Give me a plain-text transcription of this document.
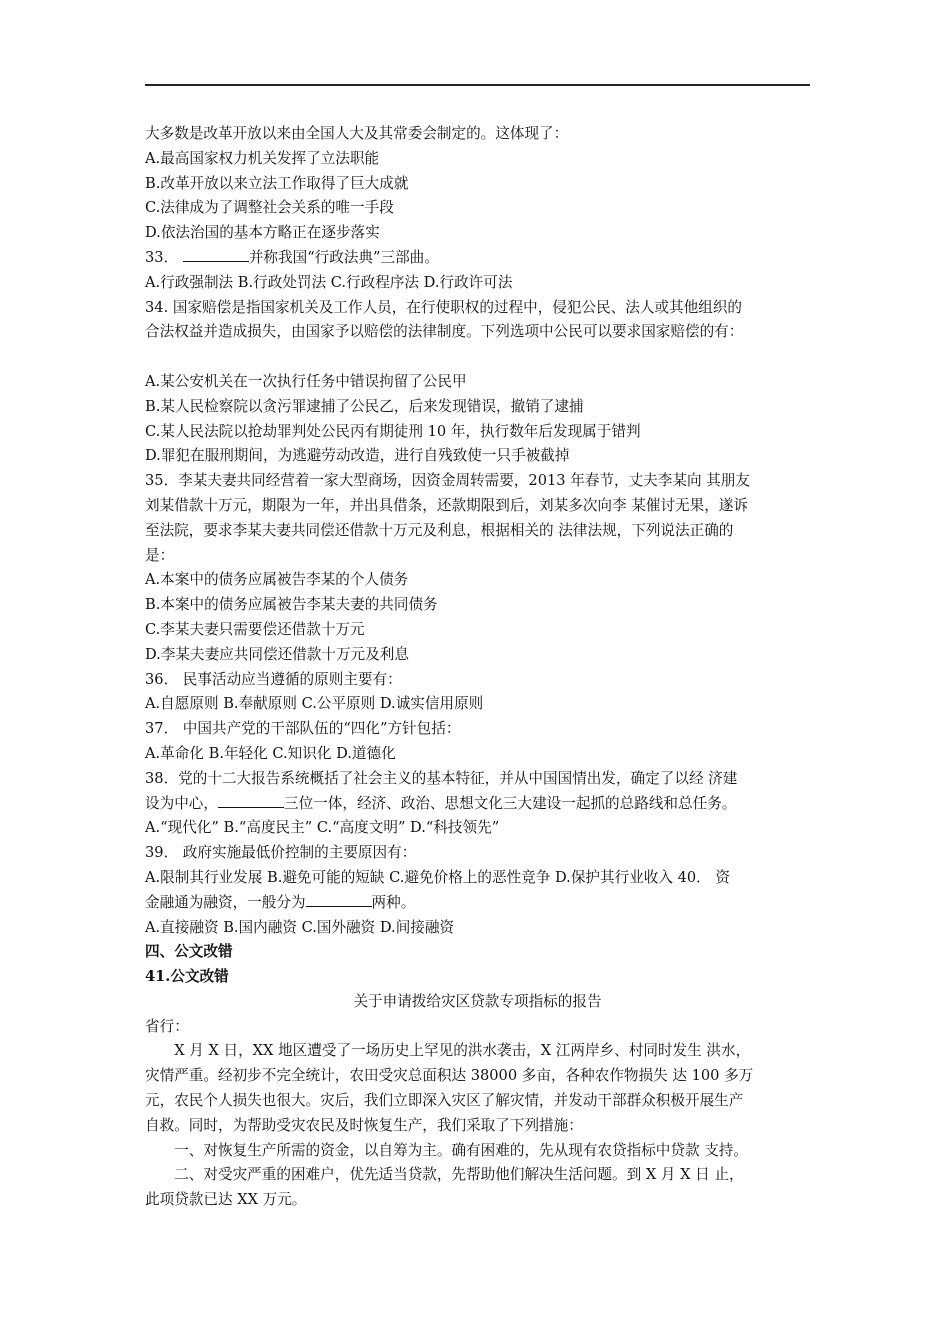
大多数是改革开放以来由全国人大及其常委会制定的。这体现了：

A.最高国家权力机关发挥了立法职能

B.改革开放以来立法工作取得了巨大成就

C.法律成为了调整社会关系的唯一手段

D.依法治国的基本方略正在逐步落实

33．	并称我国“行政法典”三部曲。

A.行政强制法 B.行政处罚法 C.行政程序法 D.行政许可法

34. 国家赔偿是指国家机关及工作人员，在行使职权的过程中，侵犯公民、法人或其他组织的

合法权益并造成损失，由国家予以赔偿的法律制度。下列选项中公民可以要求国家赔偿的有：

A.某公安机关在一次执行任务中错误拘留了公民甲

B.某人民检察院以贪污罪逮捕了公民乙，后来发现错误，撤销了逮捕

C.某人民法院以抢劫罪判处公民丙有期徒刑 10 年，执行数年后发现属于错判

D.罪犯在服刑期间，为逃避劳动改造，进行自残致使一只手被截掉

35．李某夫妻共同经营着一家大型商场，因资金周转需要，2013 年春节，丈夫李某向 其朋友

刘某借款十万元，期限为一年，并出具借条，还款期限到后，刘某多次向李 某催讨无果，遂诉

至法院，要求李某夫妻共同偿还借款十万元及利息，根据相关的 法律法规，下列说法正确的

是：

A.本案中的债务应属被告李某的个人债务

B.本案中的债务应属被告李某夫妻的共同债务

C.李某夫妻只需要偿还借款十万元

D.李某夫妻应共同偿还借款十万元及利息

36． 民事活动应当遵循的原则主要有：

A.自愿原则 B.奉献原则 C.公平原则 D.诚实信用原则

37． 中国共产党的干部队伍的“四化”方针包括：

A.革命化 B.年轻化 C.知识化 D.道德化

38．党的十二大报告系统概括了社会主义的基本特征，并从中国国情出发，确定了以经 济建

设为中心，	三位一体，经济、政治、思想文化三大建设一起抓的总路线和总任务。

A.“现代化” B.“高度民主” C.“高度文明” D.“科技领先”

39． 政府实施最低价控制的主要原因有：

A.限制其行业发展 B.避免可能的短缺 C.避免价格上的恶性竞争 D.保护其行业收入 40． 资

金融通为融资，一般分为	两种。

A.直接融资 B.国内融资 C.国外融资 D.间接融资

四、公文改错

41.公文改错

关于申请拨给灾区贷款专项指标的报告

省行：

X 月 X 日，XX 地区遭受了一场历史上罕见的洪水袭击，X 江两岸乡、村同时发生 洪水，

灾情严重。经初步不完全统计，农田受灾总面积达 38000 多亩，各种农作物损失 达 100 多万

元，农民个人损失也很大。灾后，我们立即深入灾区了解灾情，并发动干部群众积极开展生产

自救。同时，为帮助受灾农民及时恢复生产，我们采取了下列措施：

一、对恢复生产所需的资金，以自筹为主。确有困难的，先从现有农贷指标中贷款 支持。

二、对受灾严重的困难户，优先适当贷款，先帮助他们解决生活问题。到 X 月 X 日 止，

此项贷款已达 XX 万元。
